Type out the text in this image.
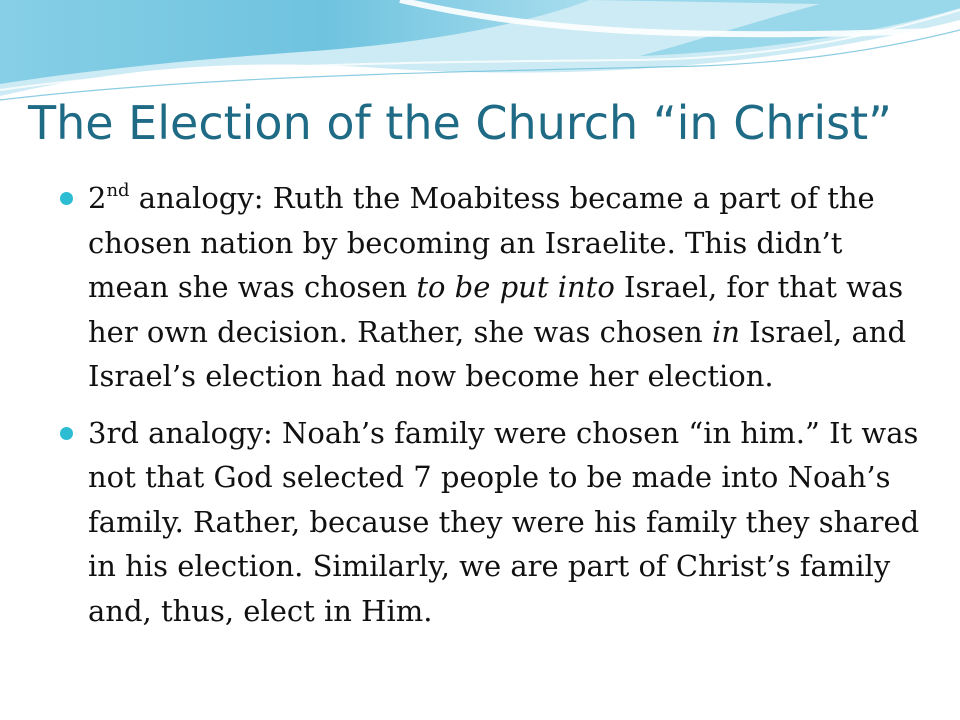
The Election of the Church “in Christ”
2nd analogy: Ruth the Moabitess became a part of the chosen nation by becoming an Israelite. This didn’t mean she was chosen to be put into Israel, for that was her own decision. Rather, she was chosen in Israel, and Israel’s election had now become her election.
3rd analogy: Noah’s family were chosen “in him.” It was not that God selected 7 people to be made into Noah’s family. Rather, because they were his family they shared in his election. Similarly, we are part of Christ’s family and, thus, elect in Him.
